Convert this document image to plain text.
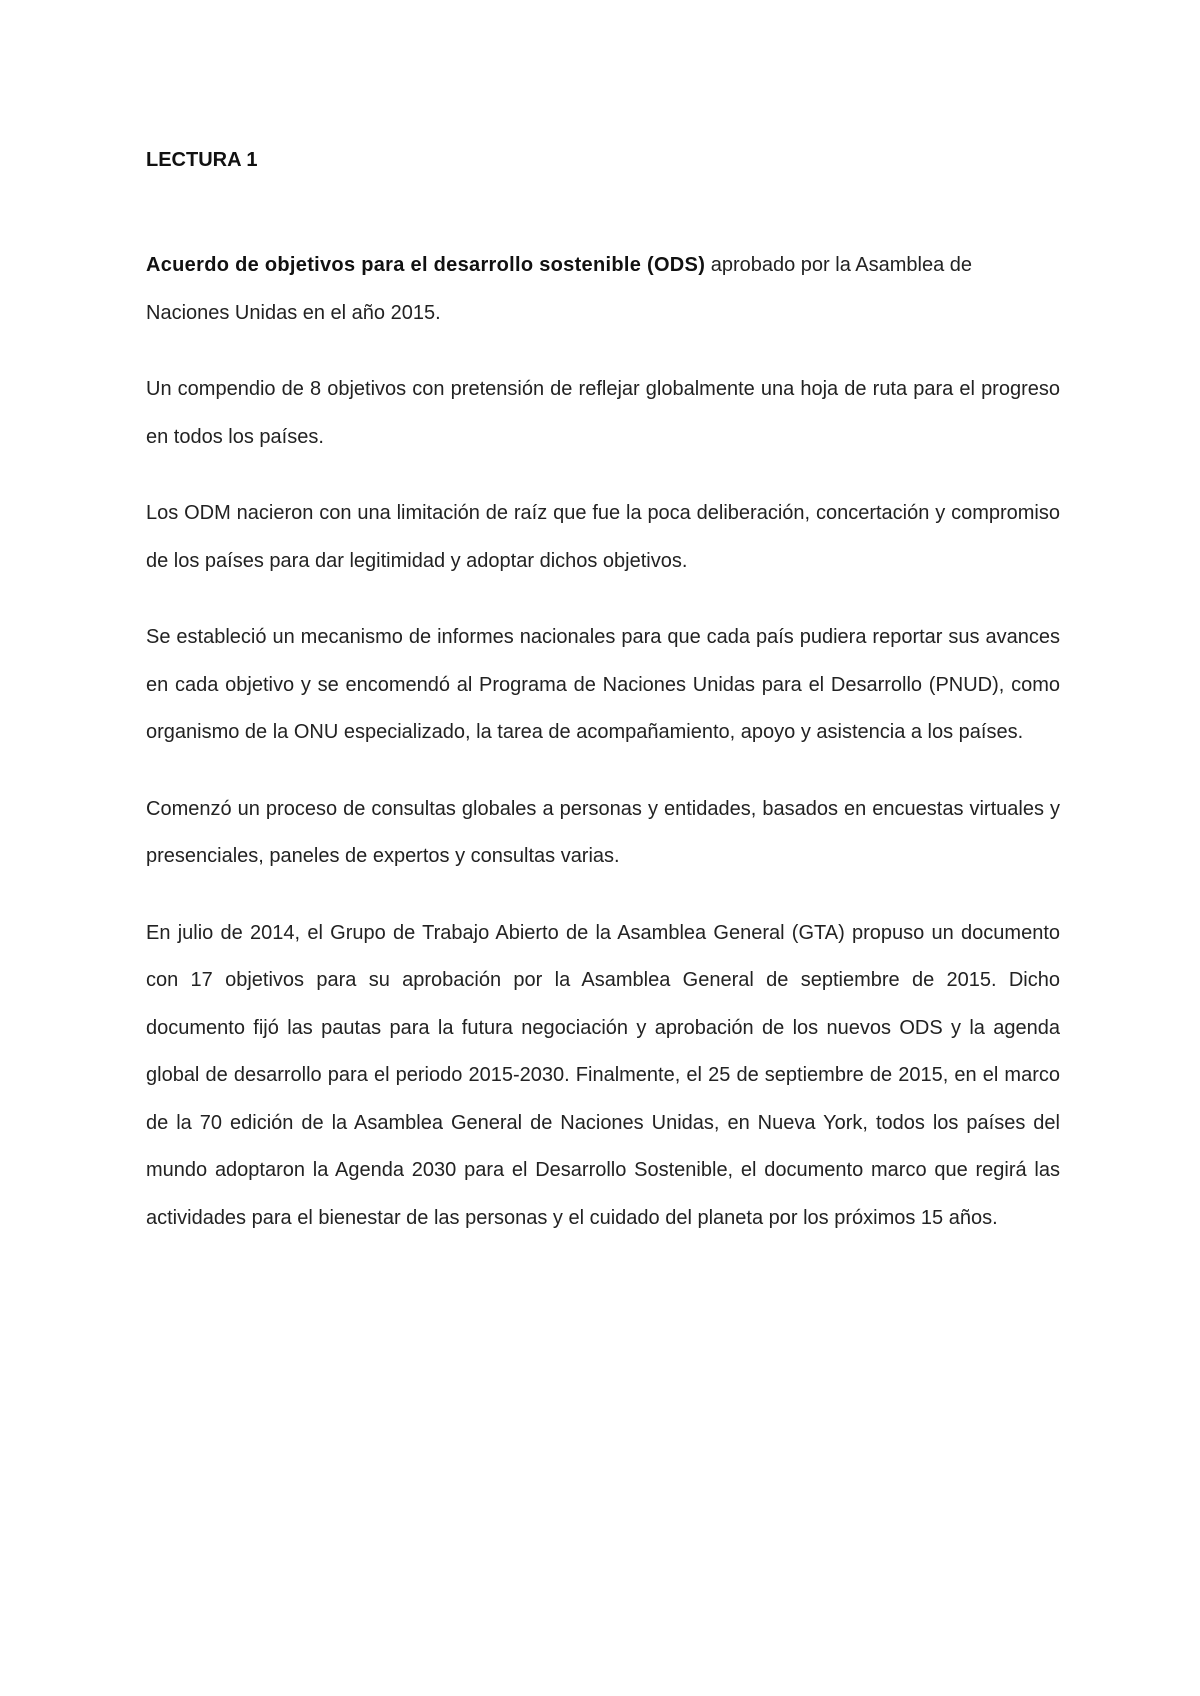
LECTURA 1

Acuerdo de objetivos para el desarrollo sostenible (ODS) aprobado por la Asamblea de Naciones Unidas en el año 2015.

Un compendio de 8 objetivos con pretensión de reflejar globalmente una hoja de ruta para el progreso en todos los países.

Los ODM nacieron con una limitación de raíz que fue la poca deliberación, concertación y compromiso de los países para dar legitimidad y adoptar dichos objetivos.

Se estableció un mecanismo de informes nacionales para que cada país pudiera reportar sus avances en cada objetivo y se encomendó al Programa de Naciones Unidas para el Desarrollo (PNUD), como organismo de la ONU especializado, la tarea de acompañamiento, apoyo y asistencia a los países.

Comenzó un proceso de consultas globales a personas y entidades, basados en encuestas virtuales y presenciales, paneles de expertos y consultas varias.

En julio de 2014, el Grupo de Trabajo Abierto de la Asamblea General (GTA) propuso un documento con 17 objetivos para su aprobación por la Asamblea General de septiembre de 2015. Dicho documento fijó las pautas para la futura negociación y aprobación de los nuevos ODS y la agenda global de desarrollo para el periodo 2015-2030. Finalmente, el 25 de septiembre de 2015, en el marco de la 70 edición de la Asamblea General de Naciones Unidas, en Nueva York, todos los países del mundo adoptaron la Agenda 2030 para el Desarrollo Sostenible, el documento marco que regirá las actividades para el bienestar de las personas y el cuidado del planeta por los próximos 15 años.
